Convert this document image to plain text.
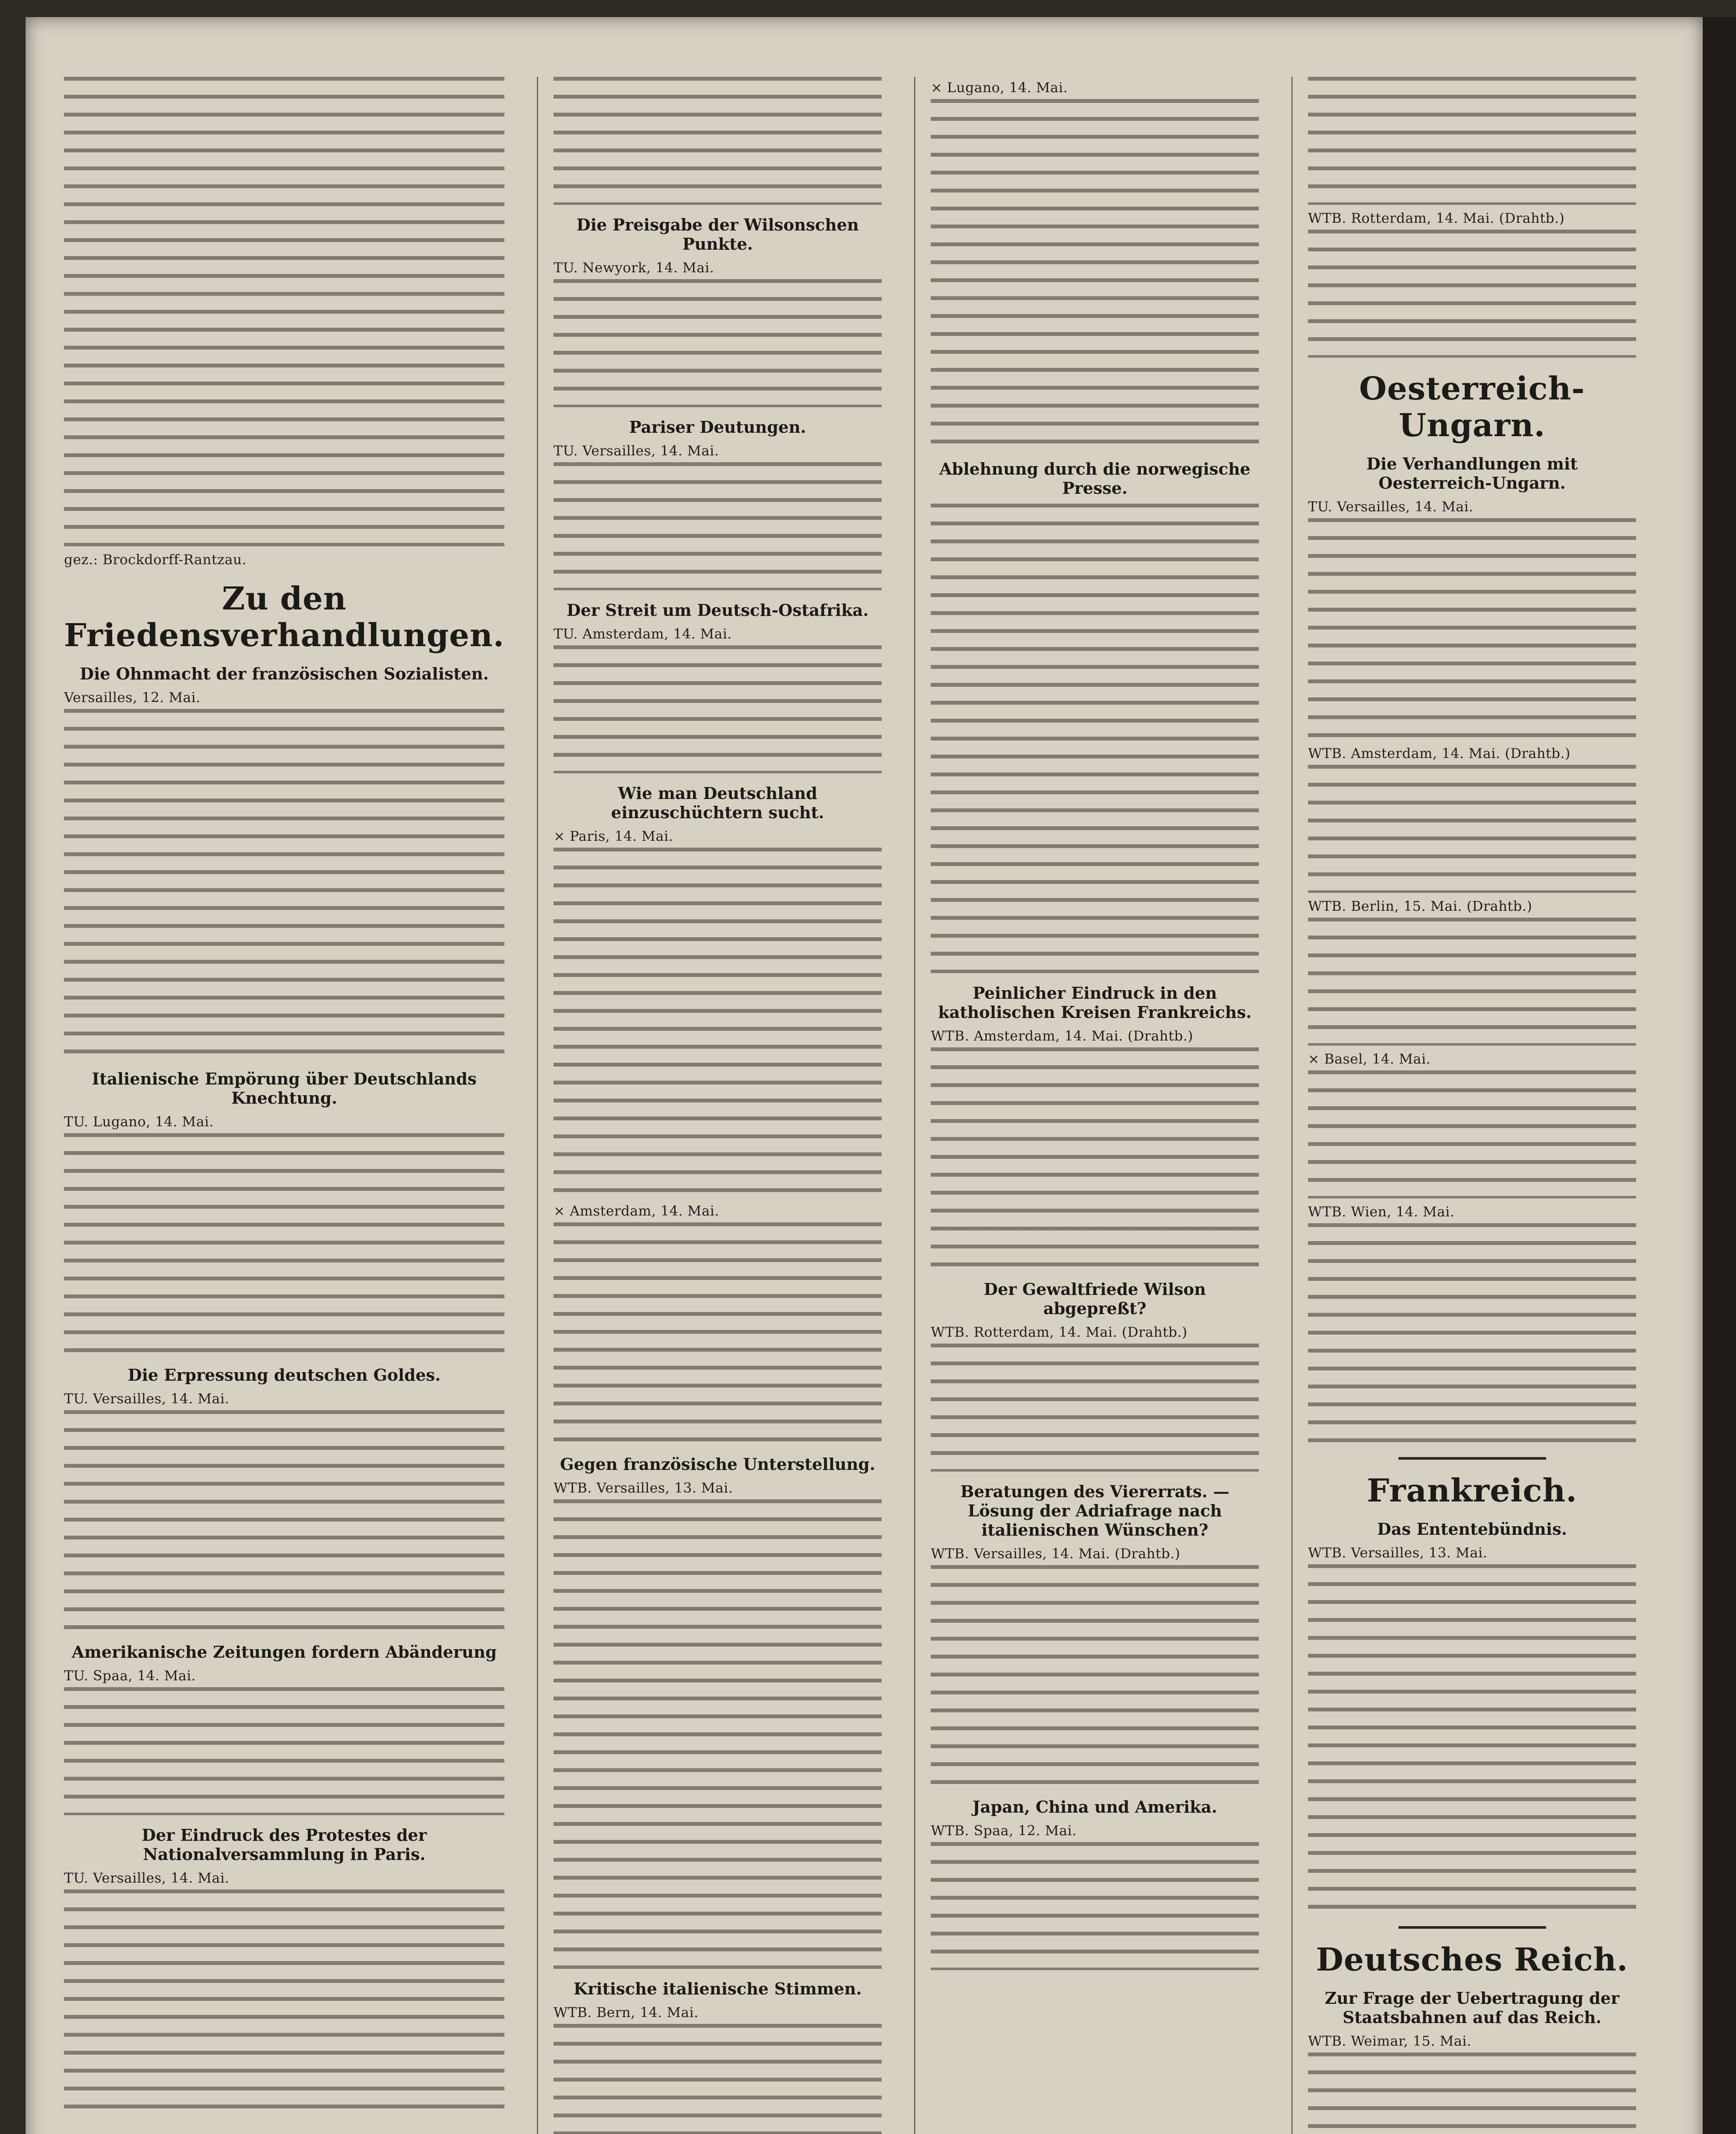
gez.: Brockdorff-Rantzau.
Zu den Friedensverhandlungen.
Die Ohnmacht der französischen Sozialisten.
Versailles, 12. Mai.
Italienische Empörung über Deutschlands Knechtung.
TU. Lugano, 14. Mai.
Die Erpressung deutschen Goldes.
TU. Versailles, 14. Mai.
Amerikanische Zeitungen fordern Abänderung
TU. Spaa, 14. Mai.
Der Eindruck des Protestes der Nationalversammlung in Paris.
TU. Versailles, 14. Mai.
Die Preisgabe der Wilsonschen Punkte.
TU. Newyork, 14. Mai.
Pariser Deutungen.
TU. Versailles, 14. Mai.
Der Streit um Deutsch-Ostafrika.
TU. Amsterdam, 14. Mai.
Wie man Deutschland einzuschüchtern sucht.
× Paris, 14. Mai.
× Amsterdam, 14. Mai.
Gegen französische Unterstellung.
WTB. Versailles, 13. Mai.
Kritische italienische Stimmen.
WTB. Bern, 14. Mai.
× Lugano, 14. Mai.
Ablehnung durch die norwegische Presse.
Peinlicher Eindruck in den katholischen Kreisen Frankreichs.
WTB. Amsterdam, 14. Mai. (Drahtb.)
Der Gewaltfriede Wilson abgepreßt?
WTB. Rotterdam, 14. Mai. (Drahtb.)
Beratungen des Viererrats. — Lösung der Adriafrage nach italienischen Wünschen?
WTB. Versailles, 14. Mai. (Drahtb.)
Japan, China und Amerika.
WTB. Spaa, 12. Mai.
WTB. Rotterdam, 14. Mai. (Drahtb.)
Oesterreich-Ungarn.
Die Verhandlungen mit Oesterreich-Ungarn.
TU. Versailles, 14. Mai.
WTB. Amsterdam, 14. Mai. (Drahtb.)
WTB. Berlin, 15. Mai. (Drahtb.)
× Basel, 14. Mai.
WTB. Wien, 14. Mai.
Frankreich.
Das Ententebündnis.
WTB. Versailles, 13. Mai.
Deutsches Reich.
Zur Frage der Uebertragung der Staatsbahnen auf das Reich.
WTB. Weimar, 15. Mai.
